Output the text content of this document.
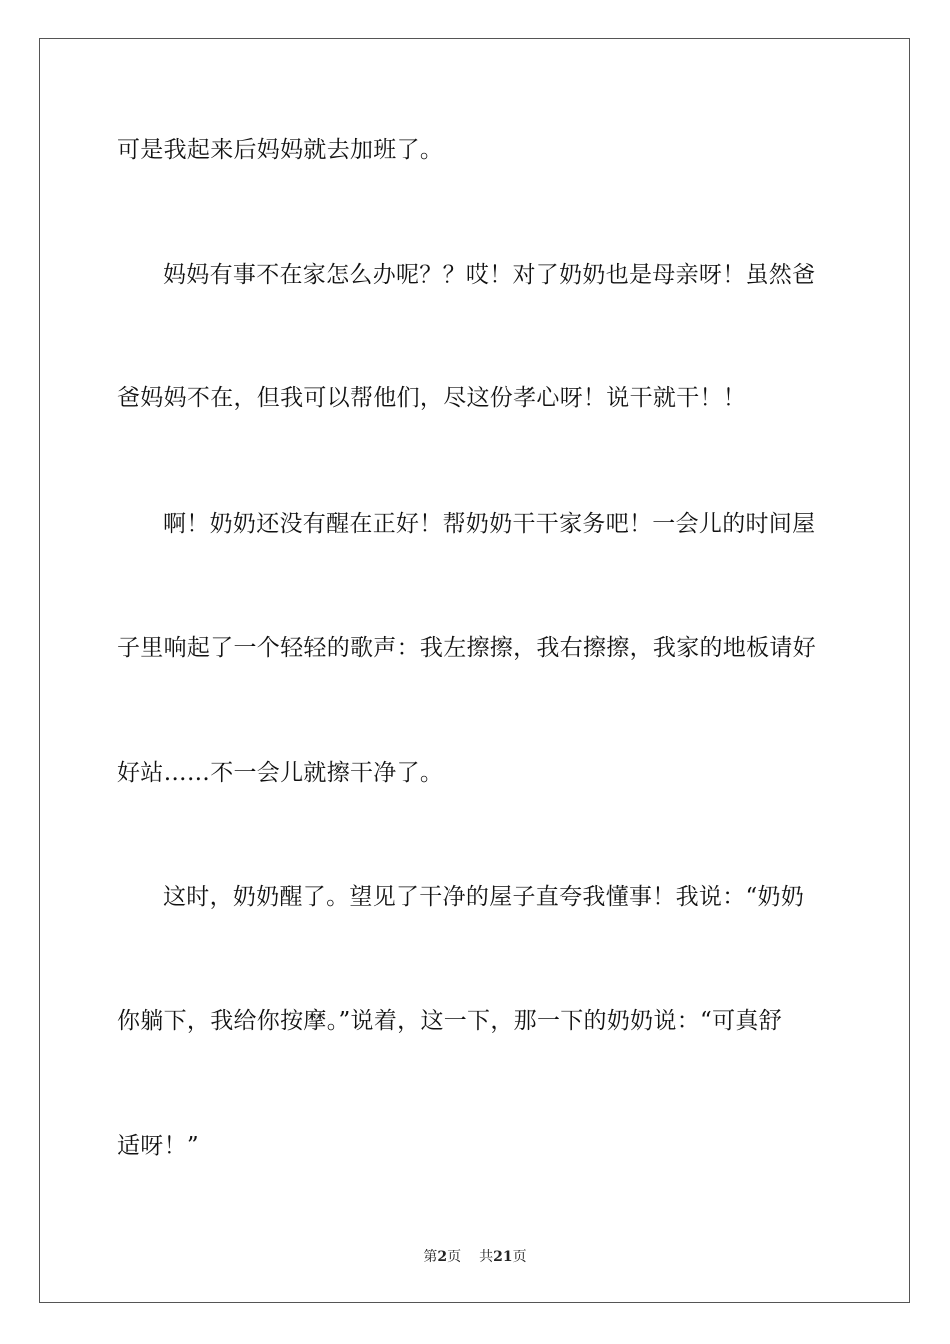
可是我起来后妈妈就去加班了。
妈妈有事不在家怎么办呢？？哎！对了奶奶也是母亲呀！虽然爸
爸妈妈不在，但我可以帮他们，尽这份孝心呀！说干就干！！
啊！奶奶还没有醒在正好！帮奶奶干干家务吧！一会儿的时间屋
子里响起了一个轻轻的歌声：我左擦擦，我右擦擦，我家的地板请好
好站……不一会儿就擦干净了。
这时，奶奶醒了。望见了干净的屋子直夸我懂事！我说：“奶奶
你躺下，我给你按摩。”说着，这一下，那一下的奶奶说：“可真舒
适呀！”
第2页 共21页
